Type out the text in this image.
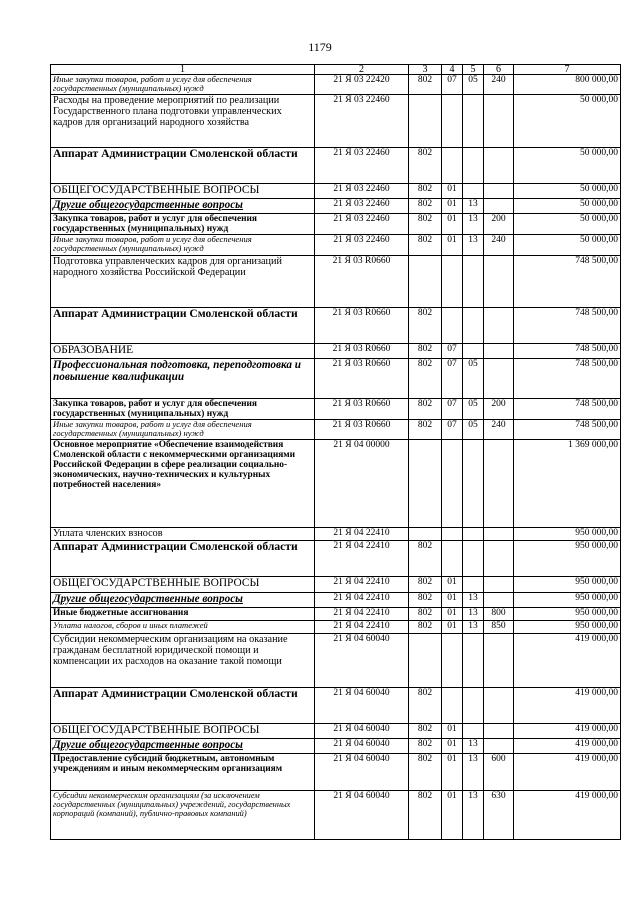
1179
1	2	3	4	5	6	7
Иные закупки товаров, работ и услуг для обеспечения государственных (муниципальных) нужд	21 Я 03 22420	802	07	05	240	800 000,00
Расходы на проведение мероприятий по реализации Государственного плана подготовки управленческих кадров для организаций народного хозяйства	21 Я 03 22460					50 000,00
Аппарат Администрации Смоленской области	21 Я 03 22460	802				50 000,00
ОБЩЕГОСУДАРСТВЕННЫЕ ВОПРОСЫ	21 Я 03 22460	802	01			50 000,00
Другие общегосударственные вопросы	21 Я 03 22460	802	01	13		50 000,00
Закупка товаров, работ и услуг для обеспечения государственных (муниципальных) нужд	21 Я 03 22460	802	01	13	200	50 000,00
Иные закупки товаров, работ и услуг для обеспечения государственных (муниципальных) нужд	21 Я 03 22460	802	01	13	240	50 000,00
Подготовка управленческих кадров для организаций народного хозяйства Российской Федерации	21 Я 03 R0660					748 500,00
Аппарат Администрации Смоленской области	21 Я 03 R0660	802				748 500,00
ОБРАЗОВАНИЕ	21 Я 03 R0660	802	07			748 500,00
Профессиональная подготовка, переподготовка и повышение квалификации	21 Я 03 R0660	802	07	05		748 500,00
Закупка товаров, работ и услуг для обеспечения государственных (муниципальных) нужд	21 Я 03 R0660	802	07	05	200	748 500,00
Иные закупки товаров, работ и услуг для обеспечения государственных (муниципальных) нужд	21 Я 03 R0660	802	07	05	240	748 500,00
Основное мероприятие «Обеспечение взаимодействия Смоленской области с некоммерческими организациями Российской Федерации в сфере реализации социально-экономических, научно-технических и культурных потребностей населения»	21 Я 04 00000					1 369 000,00
Уплата членских взносов	21 Я 04 22410					950 000,00
Аппарат Администрации Смоленской области	21 Я 04 22410	802				950 000,00
ОБЩЕГОСУДАРСТВЕННЫЕ ВОПРОСЫ	21 Я 04 22410	802	01			950 000,00
Другие общегосударственные вопросы	21 Я 04 22410	802	01	13		950 000,00
Иные бюджетные ассигнования	21 Я 04 22410	802	01	13	800	950 000,00
Уплата налогов, сборов и иных платежей	21 Я 04 22410	802	01	13	850	950 000,00
Субсидии некоммерческим организациям на оказание гражданам бесплатной юридической помощи и компенсации их расходов на оказание такой помощи	21 Я 04 60040					419 000,00
Аппарат Администрации Смоленской области	21 Я 04 60040	802				419 000,00
ОБЩЕГОСУДАРСТВЕННЫЕ ВОПРОСЫ	21 Я 04 60040	802	01			419 000,00
Другие общегосударственные вопросы	21 Я 04 60040	802	01	13		419 000,00
Предоставление субсидий бюджетным, автономным учреждениям и иным некоммерческим организациям	21 Я 04 60040	802	01	13	600	419 000,00
Субсидии некоммерческим организациям (за исключением государственных (муниципальных) учреждений, государственных корпораций (компаний), публично-правовых компаний)	21 Я 04 60040	802	01	13	630	419 000,00
